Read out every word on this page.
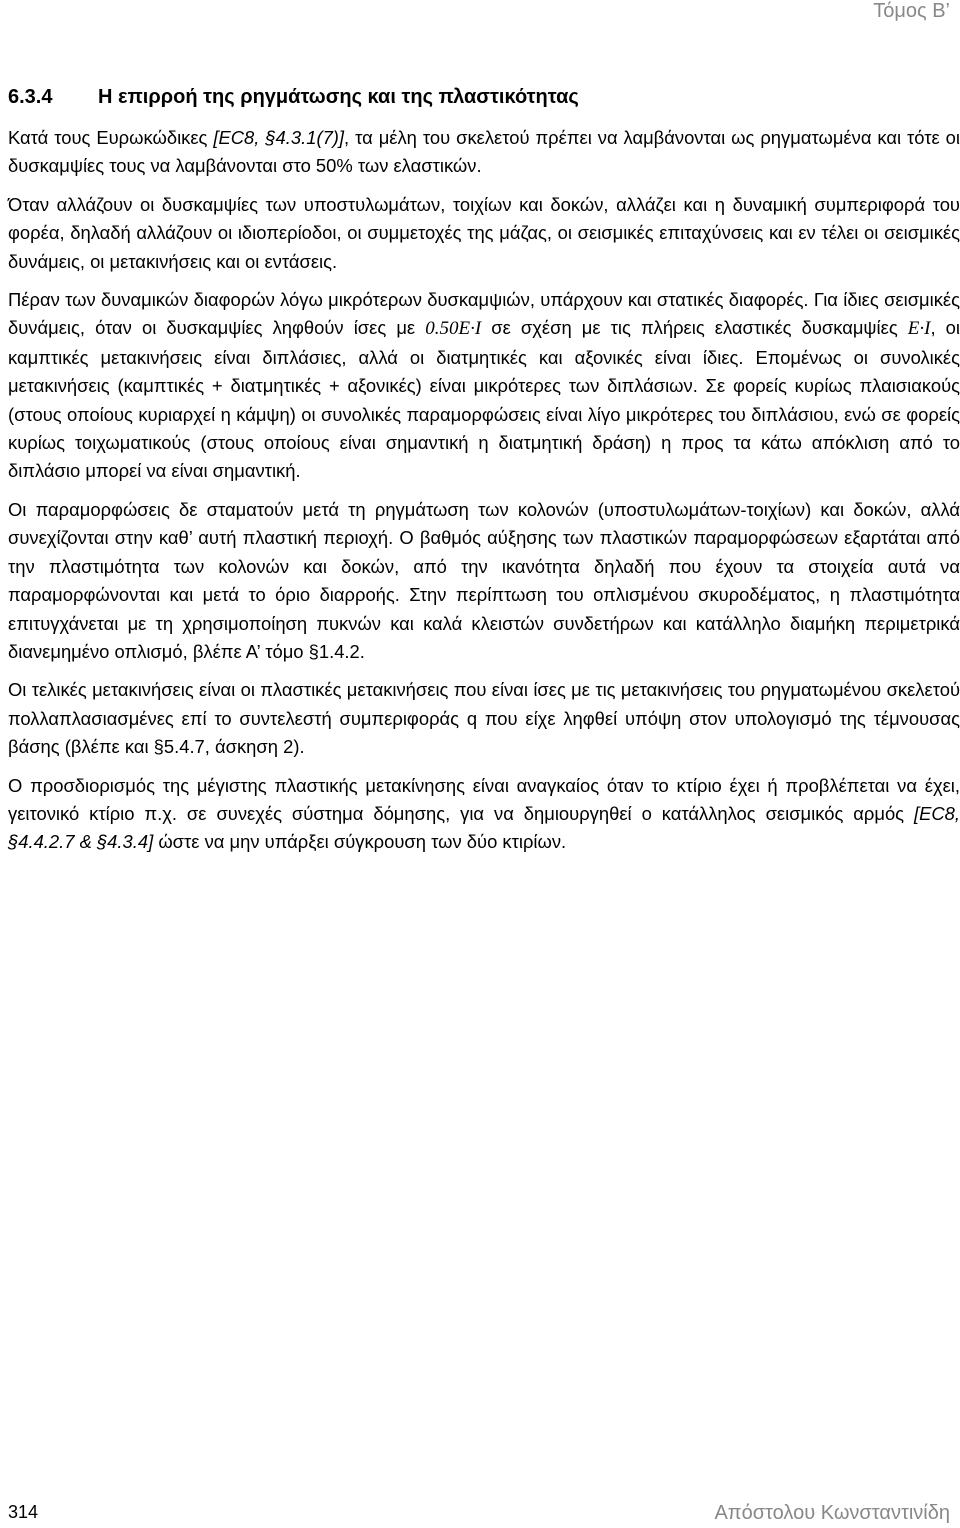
Τόμος Β’
6.3.4 Η επιρροή της ρηγμάτωσης και της πλαστικότητας

Κατά τους Ευρωκώδικες [EC8, §4.3.1(7)], τα μέλη του σκελετού πρέπει να λαμβάνονται ως ρηγματωμένα και τότε οι δυσκαμψίες τους να λαμβάνονται στο 50% των ελαστικών.

Όταν αλλάζουν οι δυσκαμψίες των υποστυλωμάτων, τοιχίων και δοκών, αλλάζει και η δυναμική συμπεριφορά του φορέα, δηλαδή αλλάζουν οι ιδιοπερίοδοι, οι συμμετοχές της μάζας, οι σεισμικές επιταχύνσεις και εν τέλει οι σεισμικές δυνάμεις, οι μετακινήσεις και οι εντάσεις.

Πέραν των δυναμικών διαφορών λόγω μικρότερων δυσκαμψιών, υπάρχουν και στατικές διαφορές. Για ίδιες σεισμικές δυνάμεις, όταν οι δυσκαμψίες ληφθούν ίσες με 0.50E·I σε σχέση με τις πλήρεις ελαστικές δυσκαμψίες E·I, οι καμπτικές μετακινήσεις είναι διπλάσιες, αλλά οι διατμητικές και αξονικές είναι ίδιες. Επομένως οι συνολικές μετακινήσεις (καμπτικές + διατμητικές + αξονικές) είναι μικρότερες των διπλάσιων. Σε φορείς κυρίως πλαισιακούς (στους οποίους κυριαρχεί η κάμψη) οι συνολικές παραμορφώσεις είναι λίγο μικρότερες του διπλάσιου, ενώ σε φορείς κυρίως τοιχωματικούς (στους οποίους είναι σημαντική η διατμητική δράση) η προς τα κάτω απόκλιση από το διπλάσιο μπορεί να είναι σημαντική.

Οι παραμορφώσεις δε σταματούν μετά τη ρηγμάτωση των κολονών (υποστυλωμάτων-τοιχίων) και δοκών, αλλά συνεχίζονται στην καθ’ αυτή πλαστική περιοχή. Ο βαθμός αύξησης των πλαστικών παραμορφώσεων εξαρτάται από την πλαστιμότητα των κολονών και δοκών, από την ικανότητα δηλαδή που έχουν τα στοιχεία αυτά να παραμορφώνονται και μετά το όριο διαρροής. Στην περίπτωση του οπλισμένου σκυροδέματος, η πλαστιμότητα επιτυγχάνεται με τη χρησιμοποίηση πυκνών και καλά κλειστών συνδετήρων και κατάλληλο διαμήκη περιμετρικά διανεμημένο οπλισμό, βλέπε Α’ τόμο §1.4.2.

Οι τελικές μετακινήσεις είναι οι πλαστικές μετακινήσεις που είναι ίσες με τις μετακινήσεις του ρηγματωμένου σκελετού πολλαπλασιασμένες επί το συντελεστή συμπεριφοράς q που είχε ληφθεί υπόψη στον υπολογισμό της τέμνουσας βάσης (βλέπε και §5.4.7, άσκηση 2).

Ο προσδιορισμός της μέγιστης πλαστικής μετακίνησης είναι αναγκαίος όταν το κτίριο έχει ή προβλέπεται να έχει, γειτονικό κτίριο π.χ. σε συνεχές σύστημα δόμησης, για να δημιουργηθεί ο κατάλληλος σεισμικός αρμός [EC8, §4.4.2.7 & §4.3.4] ώστε να μην υπάρξει σύγκρουση των δύο κτιρίων.

314	Απόστολου Κωνσταντινίδη
